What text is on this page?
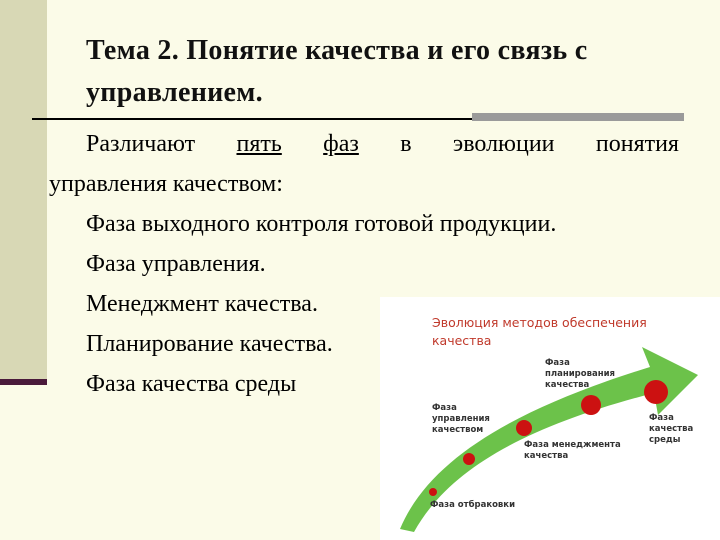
Тема 2. Понятие качества и его связь с управлением.
Различают пять фаз в эволюции понятия
управления качеством:
Фаза выходного контроля готовой продукции.
Фаза управления.
Менеджмент качества.
Планирование качества.
Фаза качества среды
Эволюция методов обеспечения качества
Фаза отбраковки
Фаза управления качеством
Фаза менеджмента качества
Фаза планирования качества
Фаза качества среды
